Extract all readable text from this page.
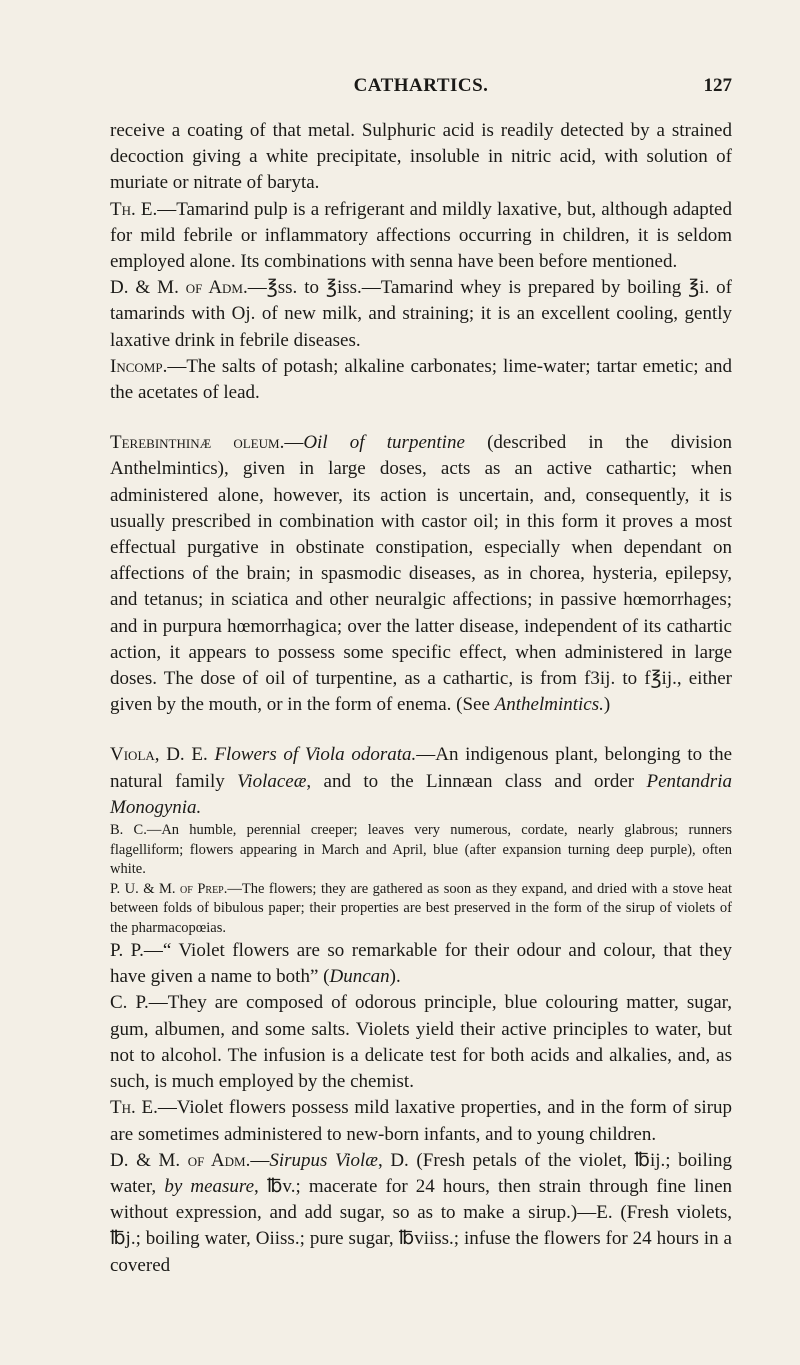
CATHARTICS.	127

receive a coating of that metal. Sulphuric acid is readily detected by a strained decoction giving a white precipitate, insoluble in nitric acid, with solution of muriate or nitrate of baryta.

Th. E.—Tamarind pulp is a refrigerant and mildly laxative, but, although adapted for mild febrile or inflammatory affections occurring in children, it is seldom employed alone. Its combinations with senna have been before mentioned.

D. & M. of Adm.—℥ss. to ℥iss.—Tamarind whey is prepared by boiling ℥i. of tamarinds with Oj. of new milk, and straining; it is an excellent cooling, gently laxative drink in febrile diseases.

Incomp.—The salts of potash; alkaline carbonates; lime-water; tartar emetic; and the acetates of lead.

Terebinthinæ oleum.—Oil of turpentine (described in the division Anthelmintics), given in large doses, acts as an active cathartic; when administered alone, however, its action is uncertain, and, consequently, it is usually prescribed in combination with castor oil; in this form it proves a most effectual purgative in obstinate constipation, especially when dependant on affections of the brain; in spasmodic diseases, as in chorea, hysteria, epilepsy, and tetanus; in sciatica and other neuralgic affections; in passive hœmorrhages; and in purpura hœmorrhagica; over the latter disease, independent of its cathartic action, it appears to possess some specific effect, when administered in large doses. The dose of oil of turpentine, as a cathartic, is from f3ij. to f℥ij., either given by the mouth, or in the form of enema. (See Anthelmintics.)

Viola, D. E. Flowers of Viola odorata.—An indigenous plant, belonging to the natural family Violaceæ, and to the Linnæan class and order Pentandria Monogynia.

B. C.—An humble, perennial creeper; leaves very numerous, cordate, nearly glabrous; runners flagelliform; flowers appearing in March and April, blue (after expansion turning deep purple), often white.

P. U. & M. of Prep.—The flowers; they are gathered as soon as they expand, and dried with a stove heat between folds of bibulous paper; their properties are best preserved in the form of the sirup of violets of the pharmacopœias.

P. P.—“ Violet flowers are so remarkable for their odour and colour, that they have given a name to both” (Duncan).

C. P.—They are composed of odorous principle, blue colouring matter, sugar, gum, albumen, and some salts. Violets yield their active principles to water, but not to alcohol. The infusion is a delicate test for both acids and alkalies, and, as such, is much employed by the chemist.

Th. E.—Violet flowers possess mild laxative properties, and in the form of sirup are sometimes administered to new-born infants, and to young children.

D. & M. of Adm.—Sirupus Violæ, D. (Fresh petals of the violet, ℔ij.; boiling water, by measure, ℔v.; macerate for 24 hours, then strain through fine linen without expression, and add sugar, so as to make a sirup.)—E. (Fresh violets, ℔j.; boiling water, Oiiss.; pure sugar, ℔viiss.; infuse the flowers for 24 hours in a covered
